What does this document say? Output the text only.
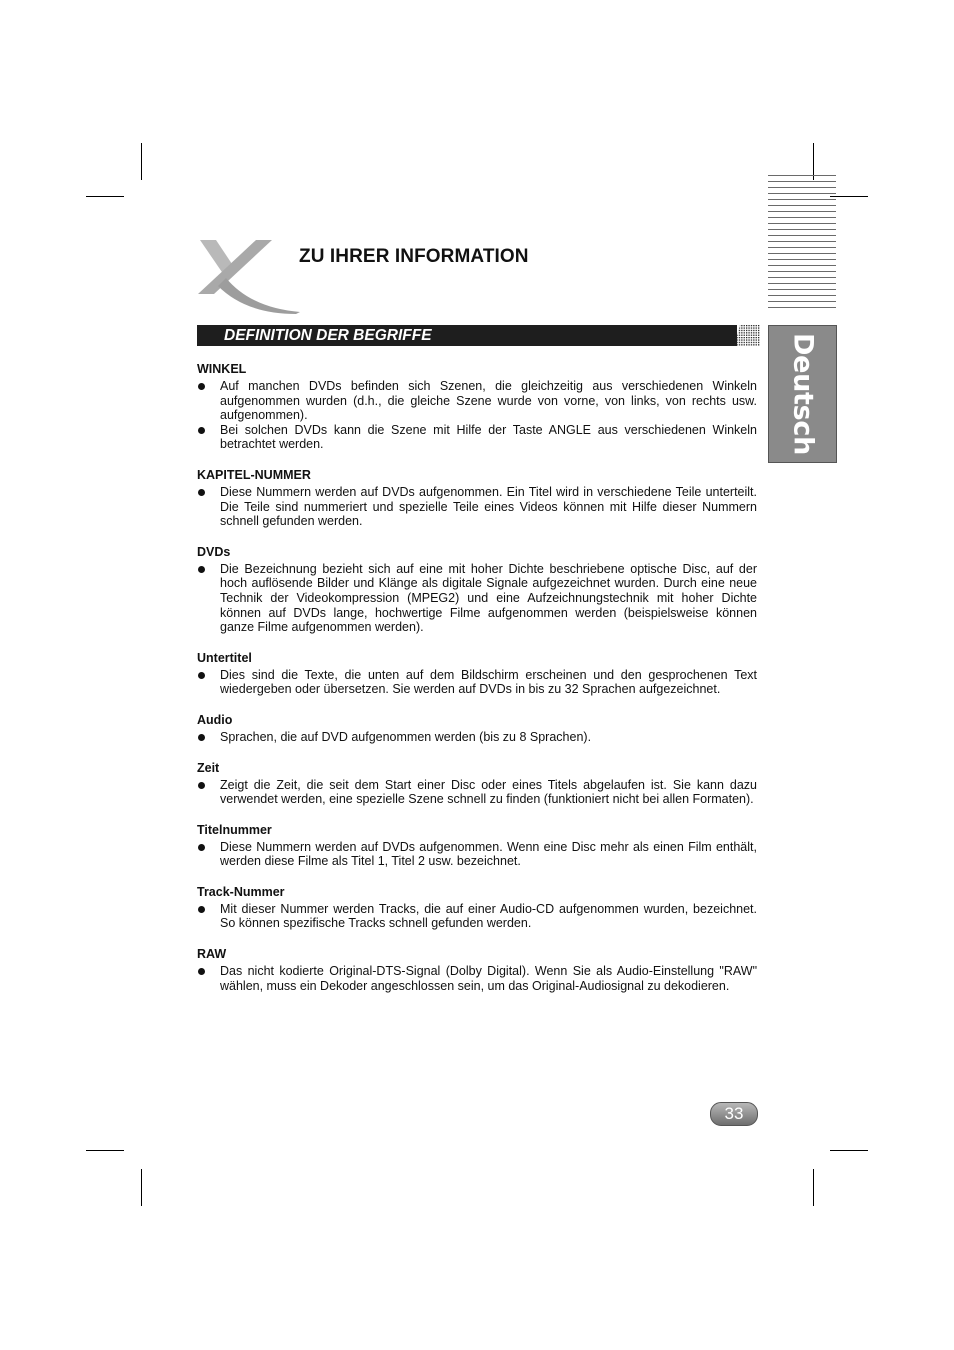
ZU IHRER INFORMATION
Deutsch
DEFINITION DER BEGRIFFE
WINKEL
Auf manchen DVDs befinden sich Szenen, die gleichzeitig aus verschiedenen Winkeln aufgenommen wurden (d.h., die gleiche Szene wurde von vorne, von links, von rechts usw. aufgenommen).
Bei solchen DVDs kann die Szene mit Hilfe der Taste ANGLE aus verschiedenen Winkeln betrachtet werden.
KAPITEL-NUMMER
Diese Nummern werden auf DVDs aufgenommen. Ein Titel wird in verschiedene Teile unterteilt. Die Teile sind nummeriert und spezielle Teile eines Videos können mit Hilfe dieser Nummern schnell gefunden werden.
DVDs
Die Bezeichnung bezieht sich auf eine mit hoher Dichte beschriebene optische Disc, auf der hoch auflösende Bilder und Klänge als digitale Signale aufgezeichnet wurden. Durch eine neue Technik der Videokompression (MPEG2) und eine Aufzeichnungstechnik mit hoher Dichte können auf DVDs lange, hochwertige Filme aufgenommen werden (beispielsweise können ganze Filme aufgenommen werden).
Untertitel
Dies sind die Texte, die unten auf dem Bildschirm erscheinen und den gesprochenen Text wiedergeben oder übersetzen. Sie werden auf DVDs in bis zu 32 Sprachen aufgezeichnet.
Audio
Sprachen, die auf DVD aufgenommen werden (bis zu 8 Sprachen).
Zeit
Zeigt die Zeit, die seit dem Start einer Disc oder eines Titels abgelaufen ist. Sie kann dazu verwendet werden, eine spezielle Szene schnell zu finden (funktioniert nicht bei allen Formaten).
Titelnummer
Diese Nummern werden auf DVDs aufgenommen. Wenn eine Disc mehr als einen Film enthält, werden diese Filme als Titel 1, Titel 2 usw. bezeichnet.
Track-Nummer
Mit dieser Nummer werden Tracks, die auf einer Audio-CD aufgenommen wurden, bezeichnet. So können spezifische Tracks schnell gefunden werden.
RAW
Das nicht kodierte Original-DTS-Signal (Dolby Digital). Wenn Sie als Audio-Einstellung "RAW" wählen, muss ein Dekoder angeschlossen sein, um das Original-Audiosignal zu dekodieren.
33
